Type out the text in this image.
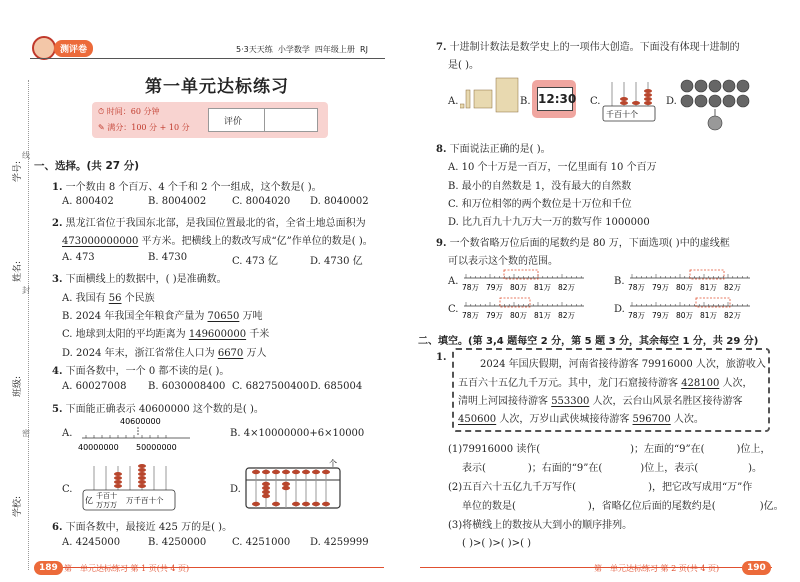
学号:
线
姓名:
封
班级:
密
学校:
测评卷	5·3天天练 小学数学 四年级上册 RJ
第一单元达标练习
⏱ 时间：60 分钟
✎ 满分：100 分 + 10 分
评价
一、选择。(共 27 分)
1. 一个数由 8 个百万、4 个千和 2 个一组成，这个数是( )。
A. 800402	B. 8004002	C. 8004020 D. 8040002
2. 黑龙江省位于我国东北部，是我国位置最北的省，全省土地总面积为
473000000000 平方米。把横线上的数改写成“亿”作单位的数是( )。
A. 473	B. 4730	C. 473 亿	D. 4730 亿
3. 下面横线上的数据中，( )是准确数。
A. 我国有 56 个民族
B. 2024 年我国全年粮食产量为 70650 万吨
C. 地球到太阳的平均距离为 149600000 千米
D. 2024 年末，浙江省常住人口为 6670 万人
4. 下面各数中，一个 0 都不读的是( )。
A. 60027008 B. 6030008400 C. 6827500400 D. 685004
5. 下面能正确表示 40600000 这个数的是( )。
A.
40600000
40000000 50000000
B. 4×10000000+6×10000
C.
亿 千百十
万万万 万千百十个
D.
个
6. 下面各数中，最接近 425 万的是( )。
A. 4245000	B. 4250000	C. 4251000 D. 4259999
189 第一单元达标练习 第 1 页(共 4 页)
7. 十进制计数法是数学史上的一项伟大创造。下面没有体现十进制的
是( )。
A.	B. 12:30 C.
千百十个
D.
8. 下面说法正确的是( )。
A. 10 个十万是一百万，一亿里面有 10 个百万
B. 最小的自然数是 1，没有最大的自然数
C. 和万位相邻的两个数位是十万位和千位
D. 比九百九十九万大一万的数写作 1000000
9. 一个数省略万位后面的尾数约是 80 万，下面选项( )中的虚线框
可以表示这个数的范围。
A.
78万 79万 80万 81万 82万
B.
78万 79万 80万 81万 82万
C.
78万 79万 80万 81万 82万
D.
78万 79万 80万 81万 82万
二、填空。(第 3,4 题每空 2 分，第 5 题 3 分，其余每空 1 分，共 29 分)
1.
2024 年国庆假期，河南省接待游客 79916000 人次，旅游收入
五百六十五亿九千万元。其中，龙门石窟接待游客 428100 人次，
清明上河园接待游客 553300 人次，云台山风景名胜区接待游客
450600 人次，万岁山武侠城接待游客 596700 人次。
(1)79916000 读作(	)；左面的“9”在(	)位上，
表示(	)；右面的“9”在(	)位上，表示(	)。
(2)五百六十五亿九千万写作(	)，把它改写成用“万”作
单位的数是(	)，省略亿位后面的尾数约是(	)亿。
(3)将横线上的数按从大到小的顺序排列。
( )>( )>( )>( )
第一单元达标练习 第 2 页(共 4 页)	190
